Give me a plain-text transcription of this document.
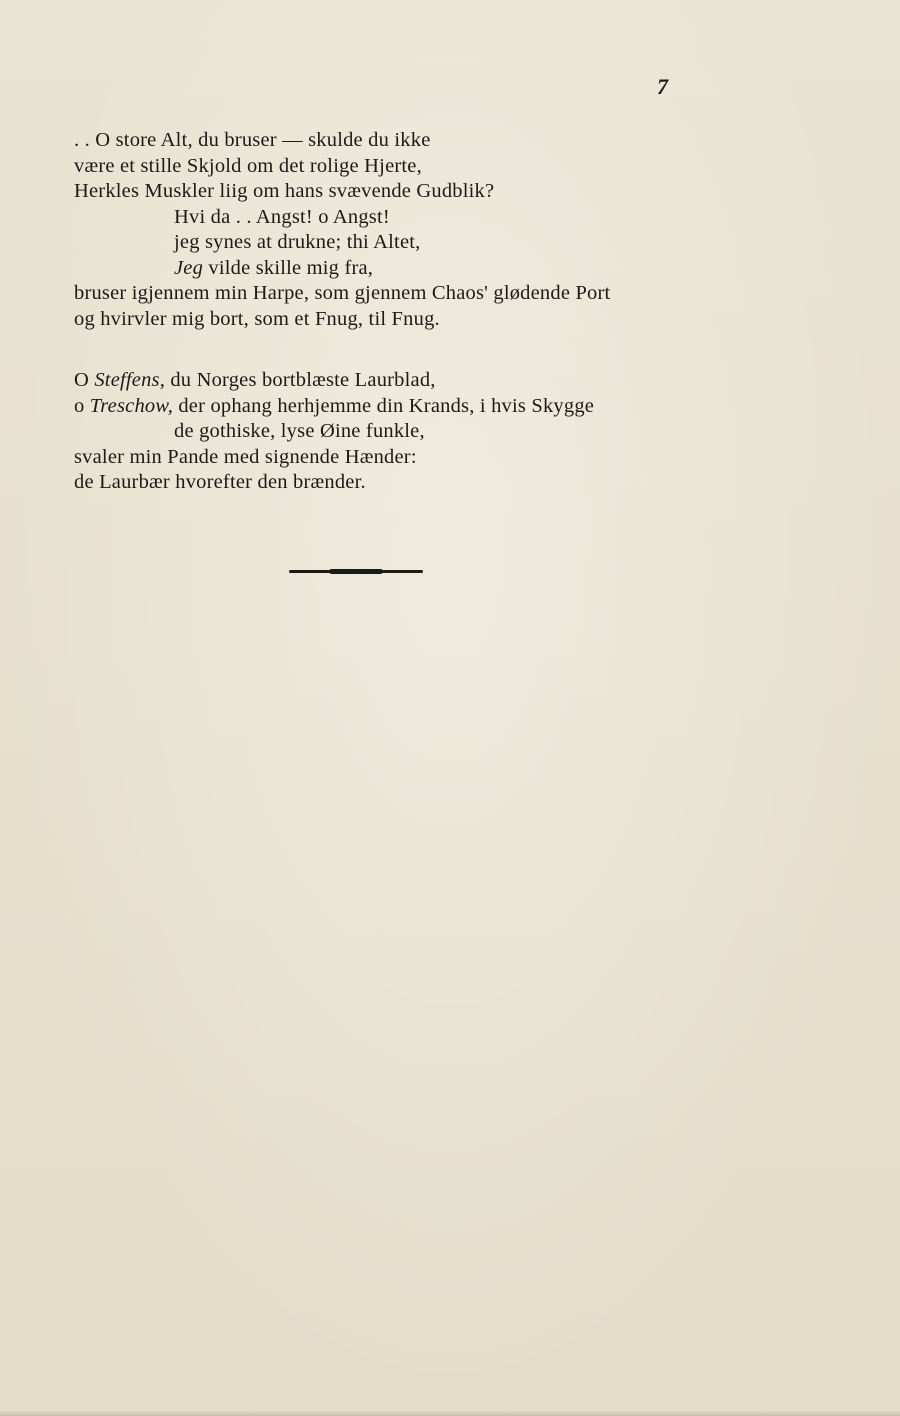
7
. . O store Alt, du bruser — skulde du ikke
være et stille Skjold om det rolige Hjerte,
Herkles Muskler liig om hans svævende Gudblik?
Hvi da . . Angst! o Angst!
jeg synes at drukne; thi Altet,
Jeg vilde skille mig fra,
bruser igjennem min Harpe, som gjennem Chaos' glødende Port
og hvirvler mig bort, som et Fnug, til Fnug.
O Steffens, du Norges bortblæste Laurblad,
o Treschow, der ophang herhjemme din Krands, i hvis Skygge
de gothiske, lyse Øine funkle,
svaler min Pande med signende Hænder:
de Laurbær hvorefter den brænder.
